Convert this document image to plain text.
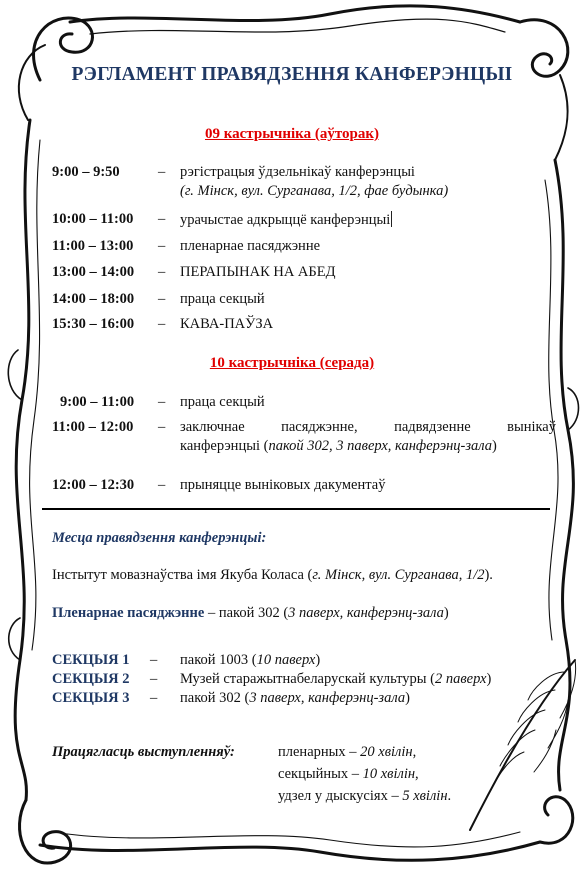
РЭГЛАМЕНТ ПРАВЯДЗЕННЯ КАНФЕРЭНЦЫІ
09 кастрычніка (аўторак)
9:00 – 9:50	– рэгістрацыя ўдзельнікаў канферэнцыі
(г. Мінск, вул. Сурганава, 1/2, фае будынка)
10:00 – 11:00 – урачыстае адкрыццё канферэнцыі
11:00 – 13:00 – пленарнае пасяджэнне
13:00 – 14:00 – ПЕРАПЫНАК НА АБЕД
14:00 – 18:00 – праца секцый
15:30 – 16:00 – КАВА-ПАЎЗА
10 кастрычніка (серада)
9:00 – 11:00 – праца секцый
11:00 – 12:00 – заключнае пасяджэнне, падвядзенне вынікаў
канферэнцыі (пакой 302, 3 паверх, канферэнц-зала)
12:00 – 12:30 – прыняцце выніковых дакументаў
Месца правядзення канферэнцыі:
Інстытут мовазнаўства імя Якуба Коласа (г. Мінск, вул. Сурганава, 1/2).
Пленарнае пасяджэнне – пакой 302 (3 паверх, канферэнц-зала)
СЕКЦЫЯ 1 – пакой 1003 (10 паверх)
СЕКЦЫЯ 2 – Музей старажытнабеларускай культуры (2 паверх)
СЕКЦЫЯ 3 – пакой 302 (3 паверх, канферэнц-зала)
Працягласць выступленняў:	пленарных – 20 хвілін,
секцыйных – 10 хвілін,
удзел у дыскусіях – 5 хвілін.
